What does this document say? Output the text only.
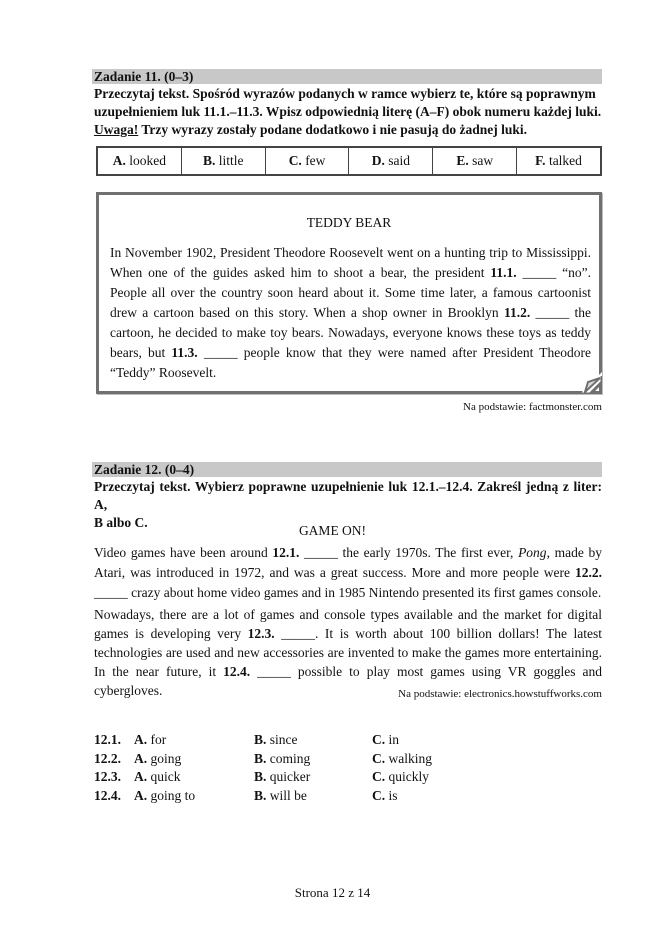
Zadanie 11. (0–3)
Przeczytaj tekst. Spośród wyrazów podanych w ramce wybierz te, które są poprawnym
uzupełnieniem luk 11.1.–11.3. Wpisz odpowiednią literę (A–F) obok numeru każdej luki.
Uwaga! Trzy wyrazy zostały podane dodatkowo i nie pasują do żadnej luki.
A. looked	B. little	C. few	D. said	E. saw	F. talked
TEDDY BEAR
In November 1902, President Theodore Roosevelt went on a hunting trip to Mississippi. When one of the guides asked him to shoot a bear, the president 11.1. _____ “no”. People all over the country soon heard about it. Some time later, a famous cartoonist drew a cartoon based on this story. When a shop owner in Brooklyn 11.2. _____ the cartoon, he decided to make toy bears. Nowadays, everyone knows these toys as teddy bears, but 11.3. _____ people know that they were named after President Theodore “Teddy” Roosevelt.
Na podstawie: factmonster.com
Zadanie 12. (0–4)
Przeczytaj tekst. Wybierz poprawne uzupełnienie luk 12.1.–12.4. Zakreśl jedną z liter: A,
B albo C.
GAME ON!
Video games have been around 12.1. _____ the early 1970s. The first ever, Pong, made by Atari, was introduced in 1972, and was a great success. More and more people were 12.2. _____ crazy about home video games and in 1985 Nintendo presented its first games console.
Nowadays, there are a lot of games and console types available and the market for digital games is developing very 12.3. _____. It is worth about 100 billion dollars! The latest technologies are used and new accessories are invented to make the games more entertaining. In the near future, it 12.4. _____ possible to play most games using VR goggles and cybergloves.	Na podstawie: electronics.howstuffworks.com
12.1. A. for	B. since	C. in
12.2. A. going	B. coming	C. walking
12.3. A. quick	B. quicker	C. quickly
12.4. A. going to	B. will be	C. is
Strona 12 z 14
